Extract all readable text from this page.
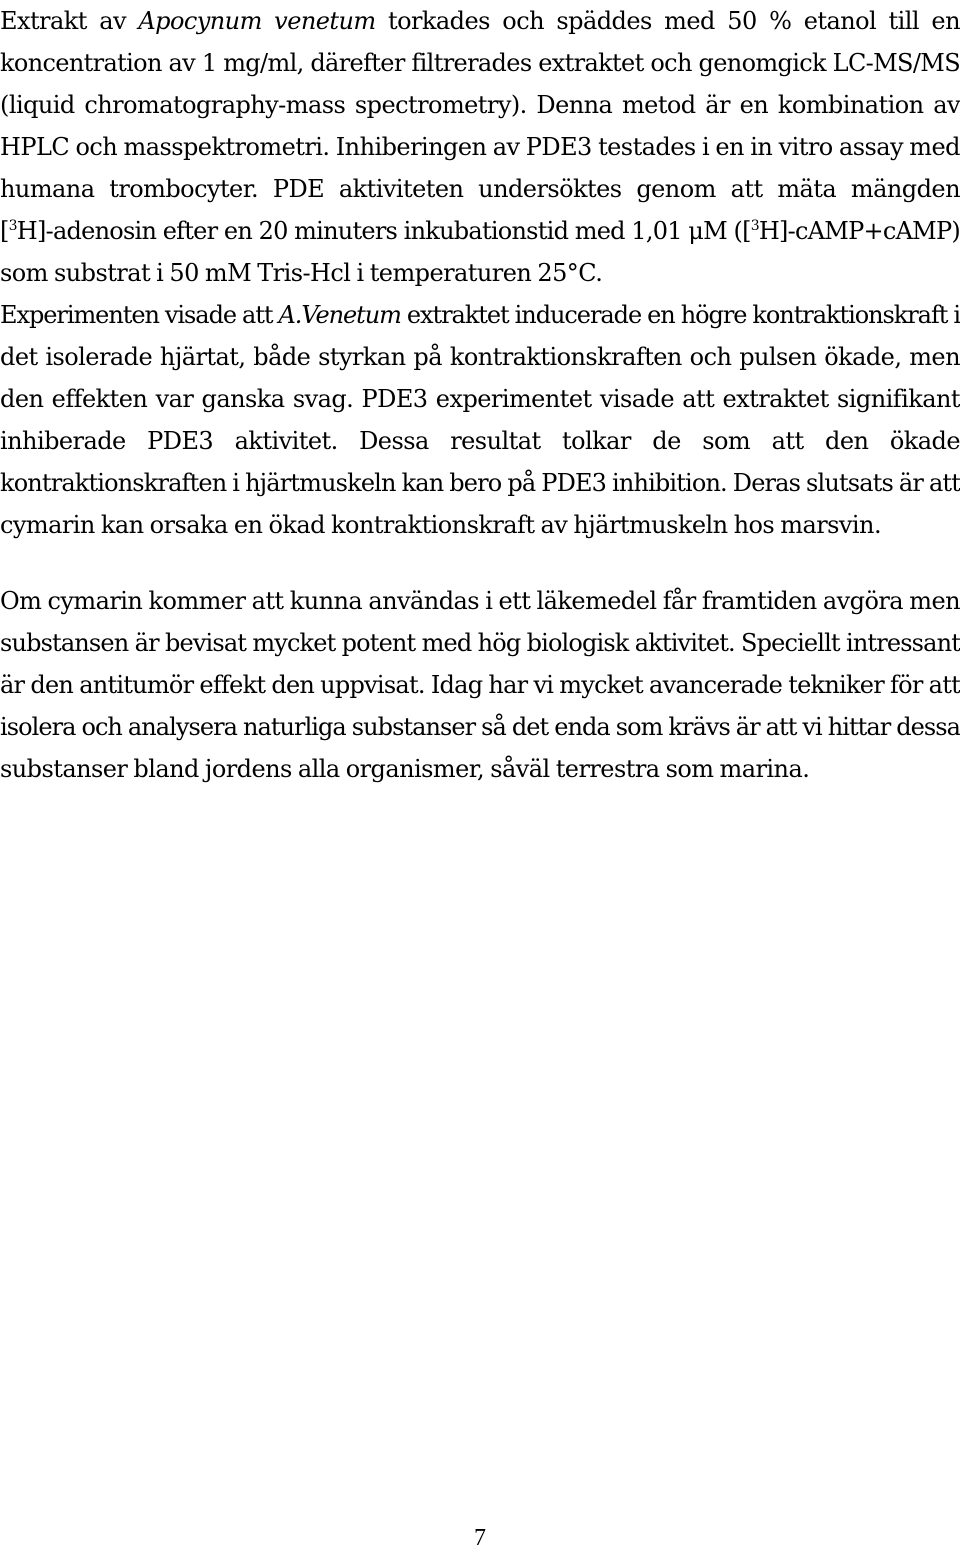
Extrakt av Apocynum venetum torkades och späddes med 50 % etanol till en
koncentration av 1 mg/ml, därefter filtrerades extraktet och genomgick LC-MS/MS
(liquid chromatography-mass spectrometry). Denna metod är en kombination av
HPLC och masspektrometri. Inhiberingen av PDE3 testades i en in vitro assay med
humana trombocyter. PDE aktiviteten undersöktes genom att mäta mängden
[$^3$H]-adenosin efter en 20 minuters inkubationstid med 1,01 μM ([$^3$H]-cAMP+cAMP)
som substrat i 50 mM Tris-Hcl i temperaturen 25°C.
Experimenten visade att A.Venetum extraktet inducerade en högre kontraktionskraft i
det isolerade hjärtat, både styrkan på kontraktionskraften och pulsen ökade, men
den effekten var ganska svag. PDE3 experimentet visade att extraktet signifikant
inhiberade PDE3 aktivitet. Dessa resultat tolkar de som att den ökade
kontraktionskraften i hjärtmuskeln kan bero på PDE3 inhibition. Deras slutsats är att
cymarin kan orsaka en ökad kontraktionskraft av hjärtmuskeln hos marsvin.
Om cymarin kommer att kunna användas i ett läkemedel får framtiden avgöra men
substansen är bevisat mycket potent med hög biologisk aktivitet. Speciellt intressant
är den antitumör effekt den uppvisat. Idag har vi mycket avancerade tekniker för att
isolera och analysera naturliga substanser så det enda som krävs är att vi hittar dessa
substanser bland jordens alla organismer, såväl terrestra som marina.
7
